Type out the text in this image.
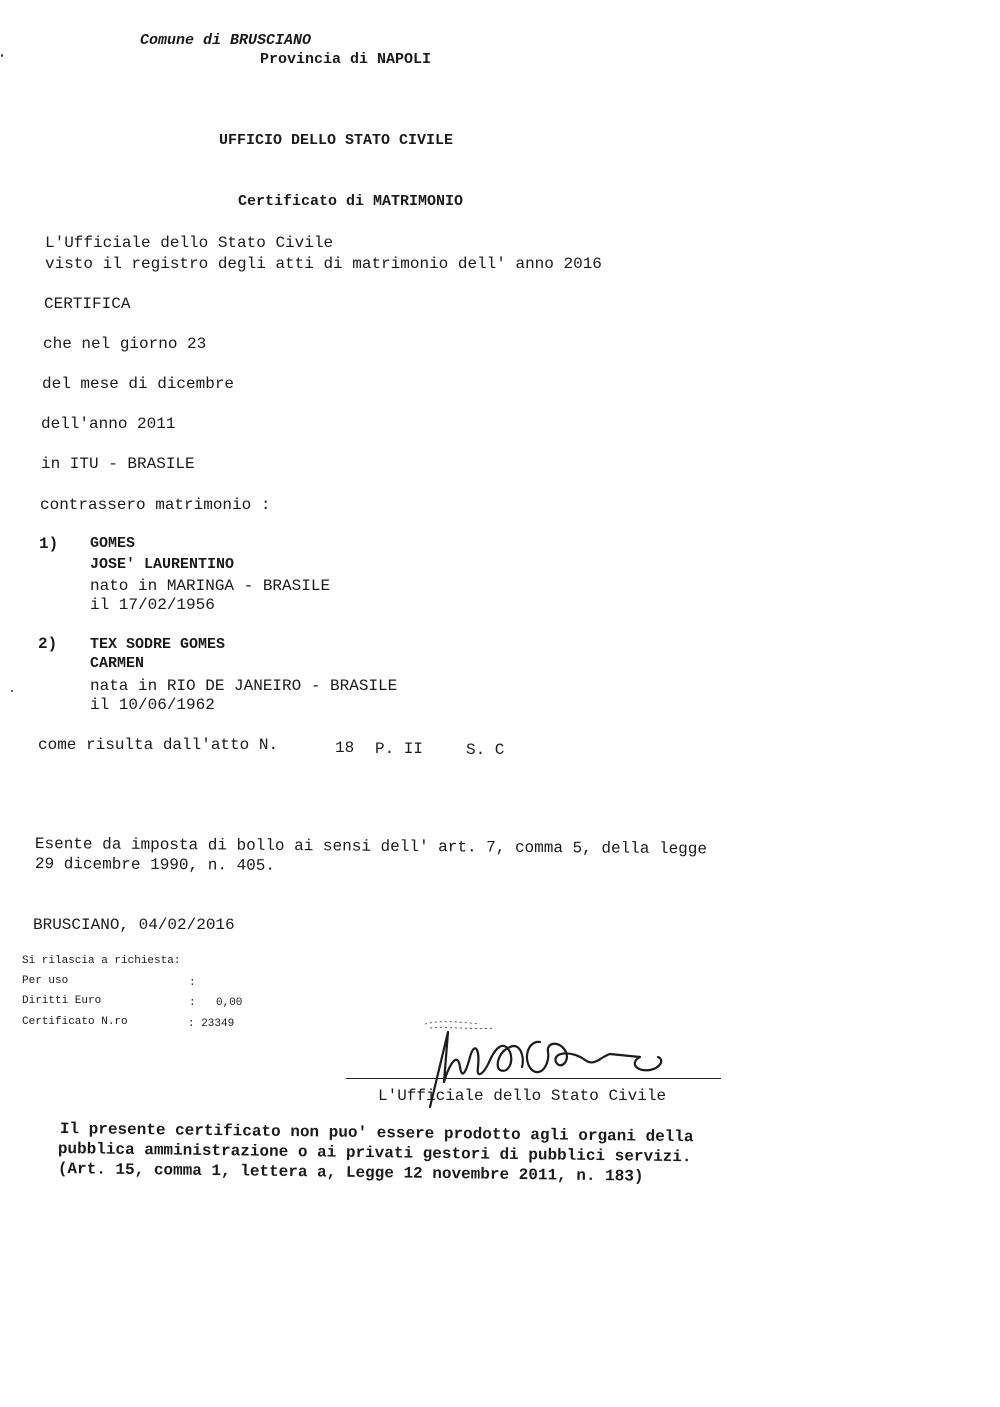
Comune di BRUSCIANO
Provincia di NAPOLI
UFFICIO DELLO STATO CIVILE
Certificato di MATRIMONIO
L'Ufficiale dello Stato Civile
visto il registro degli atti di matrimonio dell' anno 2016
CERTIFICA
che nel giorno 23
del mese di dicembre
dell'anno 2011
in ITU - BRASILE
contrassero matrimonio :
1) GOMES
JOSE' LAURENTINO
nato in MARINGA - BRASILE
il 17/02/1956
2) TEX SODRE GOMES
CARMEN
nata in RIO DE JANEIRO - BRASILE
il 10/06/1962
come risulta dall'atto N.	18 P. II	S. C
Esente da imposta di bollo ai sensi dell' art. 7, comma 5, della legge
29 dicembre 1990, n. 405.
BRUSCIANO, 04/02/2016
Si rilascia a richiesta:
Per uso	:
Diritti Euro	: 0,00
Certificato N.ro	: 23349
L'Ufficiale dello Stato Civile
Il presente certificato non puo' essere prodotto agli organi della
pubblica amministrazione o ai privati gestori di pubblici servizi.
(Art. 15, comma 1, lettera a, Legge 12 novembre 2011, n. 183)
